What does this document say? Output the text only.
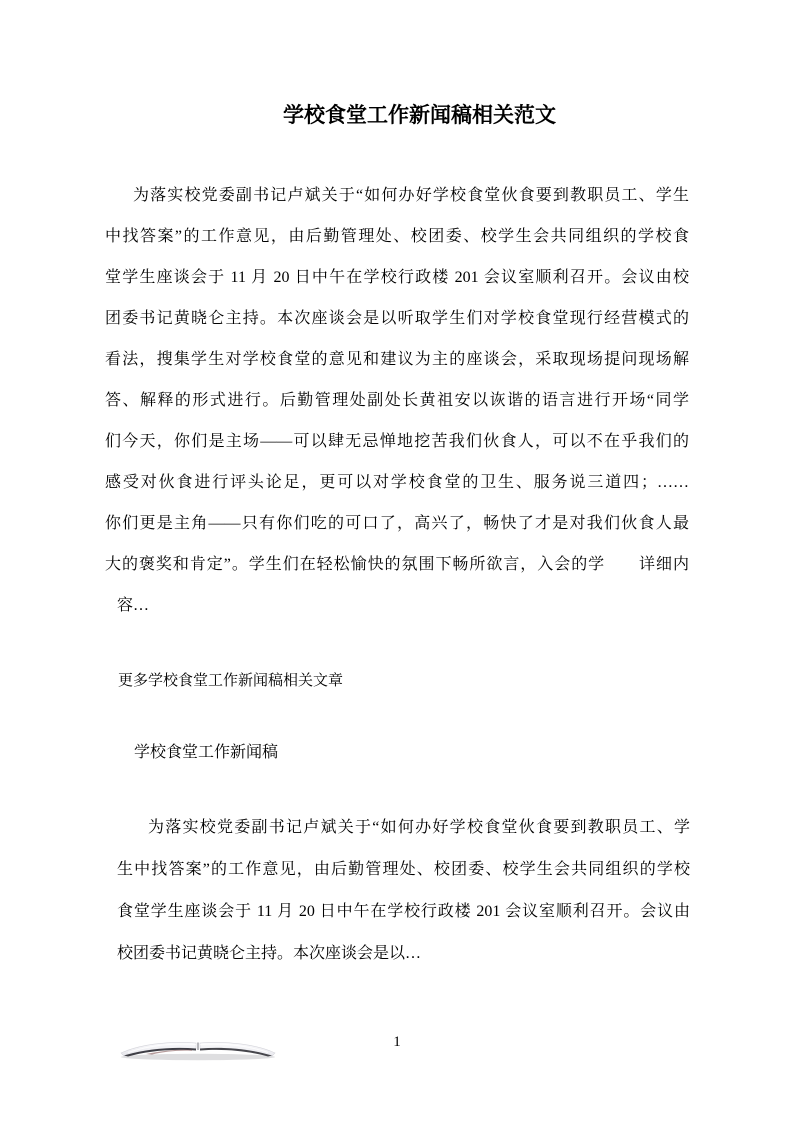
学校食堂工作新闻稿相关范文
为落实校党委副书记卢斌关于“如何办好学校食堂伙食要到教职员工、学生
中找答案”的工作意见，由后勤管理处、校团委、校学生会共同组织的学校食
堂学生座谈会于 11 月 20 日中午在学校行政楼 201 会议室顺利召开。会议由校
团委书记黄晓仑主持。本次座谈会是以听取学生们对学校食堂现行经营模式的
看法，搜集学生对学校食堂的意见和建议为主的座谈会，采取现场提问现场解
答、解释的形式进行。后勤管理处副处长黄祖安以诙谐的语言进行开场“同学
们今天，你们是主场——可以肆无忌惮地挖苦我们伙食人，可以不在乎我们的
感受对伙食进行评头论足，更可以对学校食堂的卫生、服务说三道四；……
你们更是主角——只有你们吃的可口了，高兴了，畅快了才是对我们伙食人最
大的褒奖和肯定”。学生们在轻松愉快的氛围下畅所欲言，入会的学　　详细内
容…
更多学校食堂工作新闻稿相关文章
学校食堂工作新闻稿
为落实校党委副书记卢斌关于“如何办好学校食堂伙食要到教职员工、学
生中找答案”的工作意见，由后勤管理处、校团委、校学生会共同组织的学校
食堂学生座谈会于 11 月 20 日中午在学校行政楼 201 会议室顺利召开。会议由
校团委书记黄晓仑主持。本次座谈会是以…
1
